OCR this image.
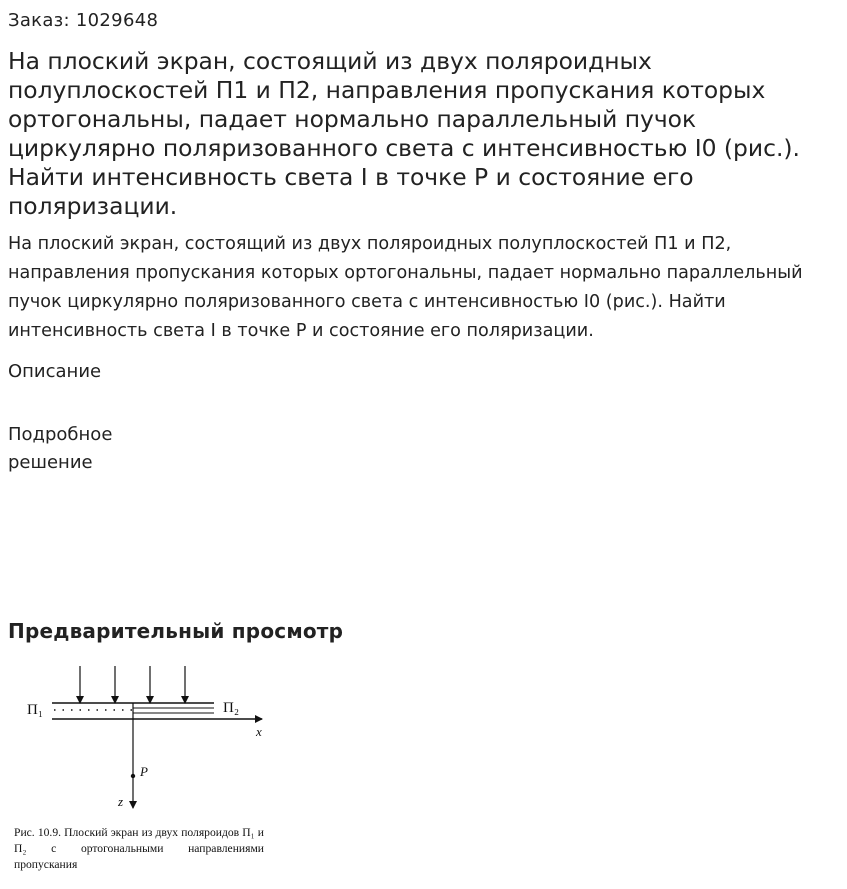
Заказ: 1029648
На плоский экран, состоящий из двух поляроидных полуплоскостей П1 и П2, направления пропускания которых ортогональны, падает нормально параллельный пучок циркулярно поляризованного света с интенсивностью I0 (рис.). Найти интенсивность света I в точке P и состояние его поляризации.

На плоский экран, состоящий из двух поляроидных полуплоскостей П1 и П2, направления пропускания которых ортогональны, падает нормально параллельный пучок циркулярно поляризованного света с интенсивностью I0 (рис.). Найти интенсивность света I в точке P и состояние его поляризации.

Описание
Подробное решение
Предварительный просмотр
П₁	П₂
x
P
z
Рис. 10.9. Плоский экран из двух поляроидов П₁ и П₂ с ортогональными направлениями пропускания
